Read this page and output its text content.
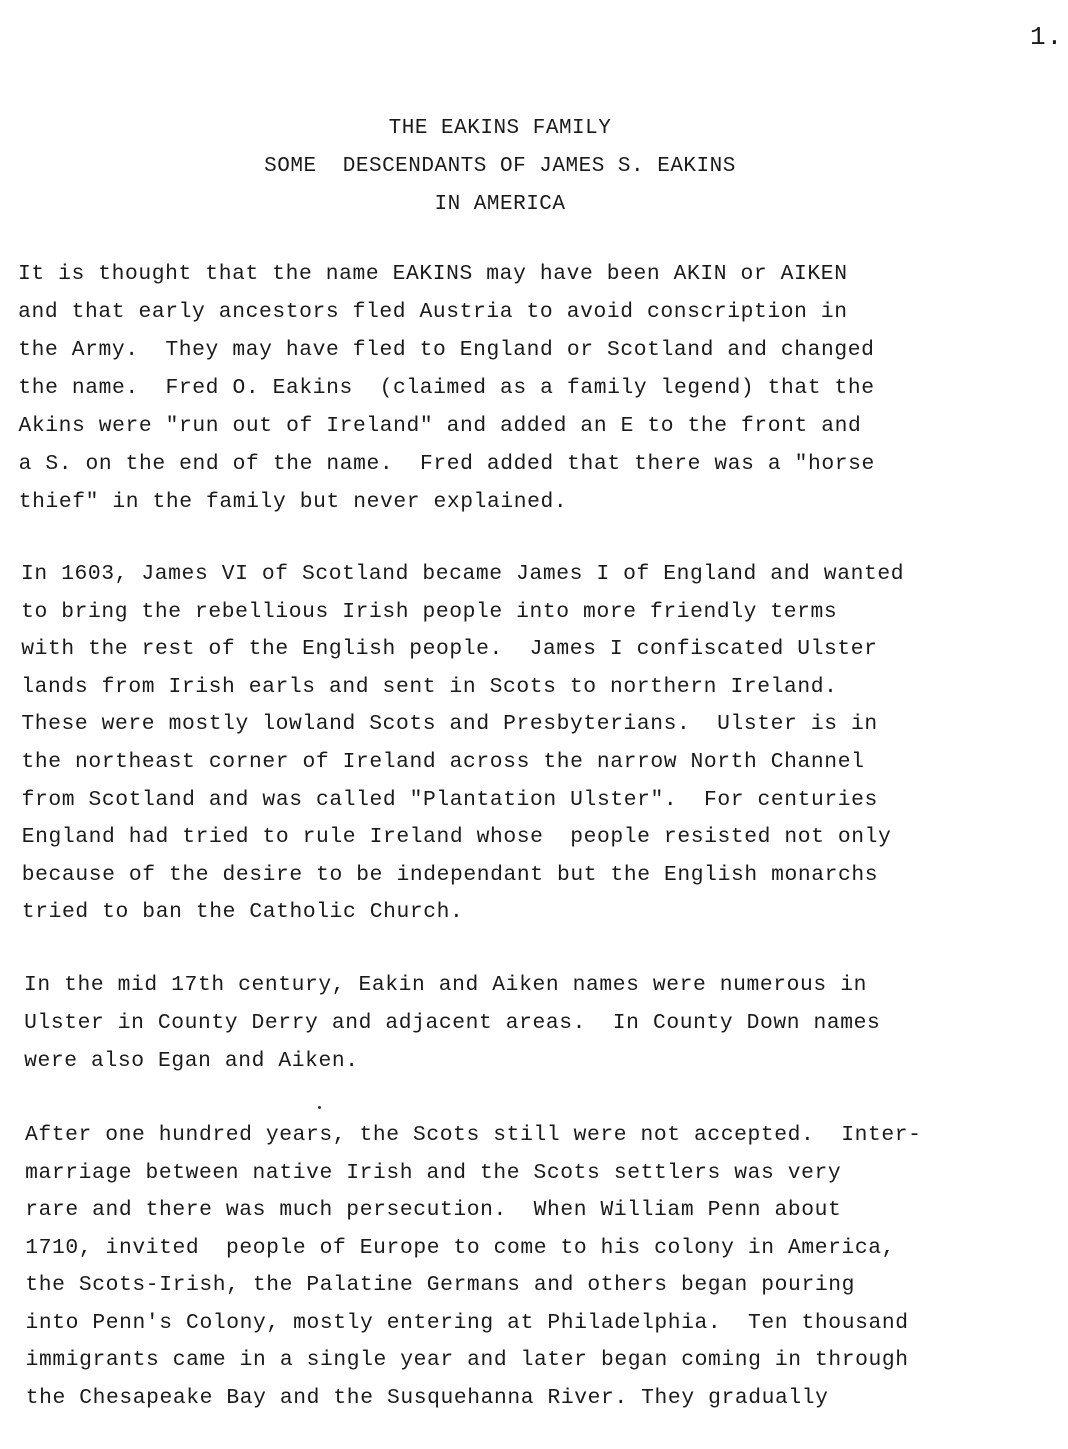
1.
THE EAKINS FAMILY
SOME  DESCENDANTS OF JAMES S. EAKINS
IN AMERICA
It is thought that the name EAKINS may have been AKIN or AIKEN
and that early ancestors fled Austria to avoid conscription in
the Army.  They may have fled to England or Scotland and changed
the name.  Fred O. Eakins  (claimed as a family legend) that the
Akins were "run out of Ireland" and added an E to the front and
a S. on the end of the name.  Fred added that there was a "horse
thief" in the family but never explained.
In 1603, James VI of Scotland became James I of England and wanted
to bring the rebellious Irish people into more friendly terms
with the rest of the English people.  James I confiscated Ulster
lands from Irish earls and sent in Scots to northern Ireland.
These were mostly lowland Scots and Presbyterians.  Ulster is in
the northeast corner of Ireland across the narrow North Channel
from Scotland and was called "Plantation Ulster".  For centuries
England had tried to rule Ireland whose  people resisted not only
because of the desire to be independant but the English monarchs
tried to ban the Catholic Church.
In the mid 17th century, Eakin and Aiken names were numerous in
Ulster in County Derry and adjacent areas.  In County Down names
were also Egan and Aiken.
After one hundred years, the Scots still were not accepted.  Inter-
marriage between native Irish and the Scots settlers was very
rare and there was much persecution.  When William Penn about
1710, invited  people of Europe to come to his colony in America,
the Scots-Irish, the Palatine Germans and others began pouring
into Penn's Colony, mostly entering at Philadelphia.  Ten thousand
immigrants came in a single year and later began coming in through
the Chesapeake Bay and the Susquehanna River. They gradually
